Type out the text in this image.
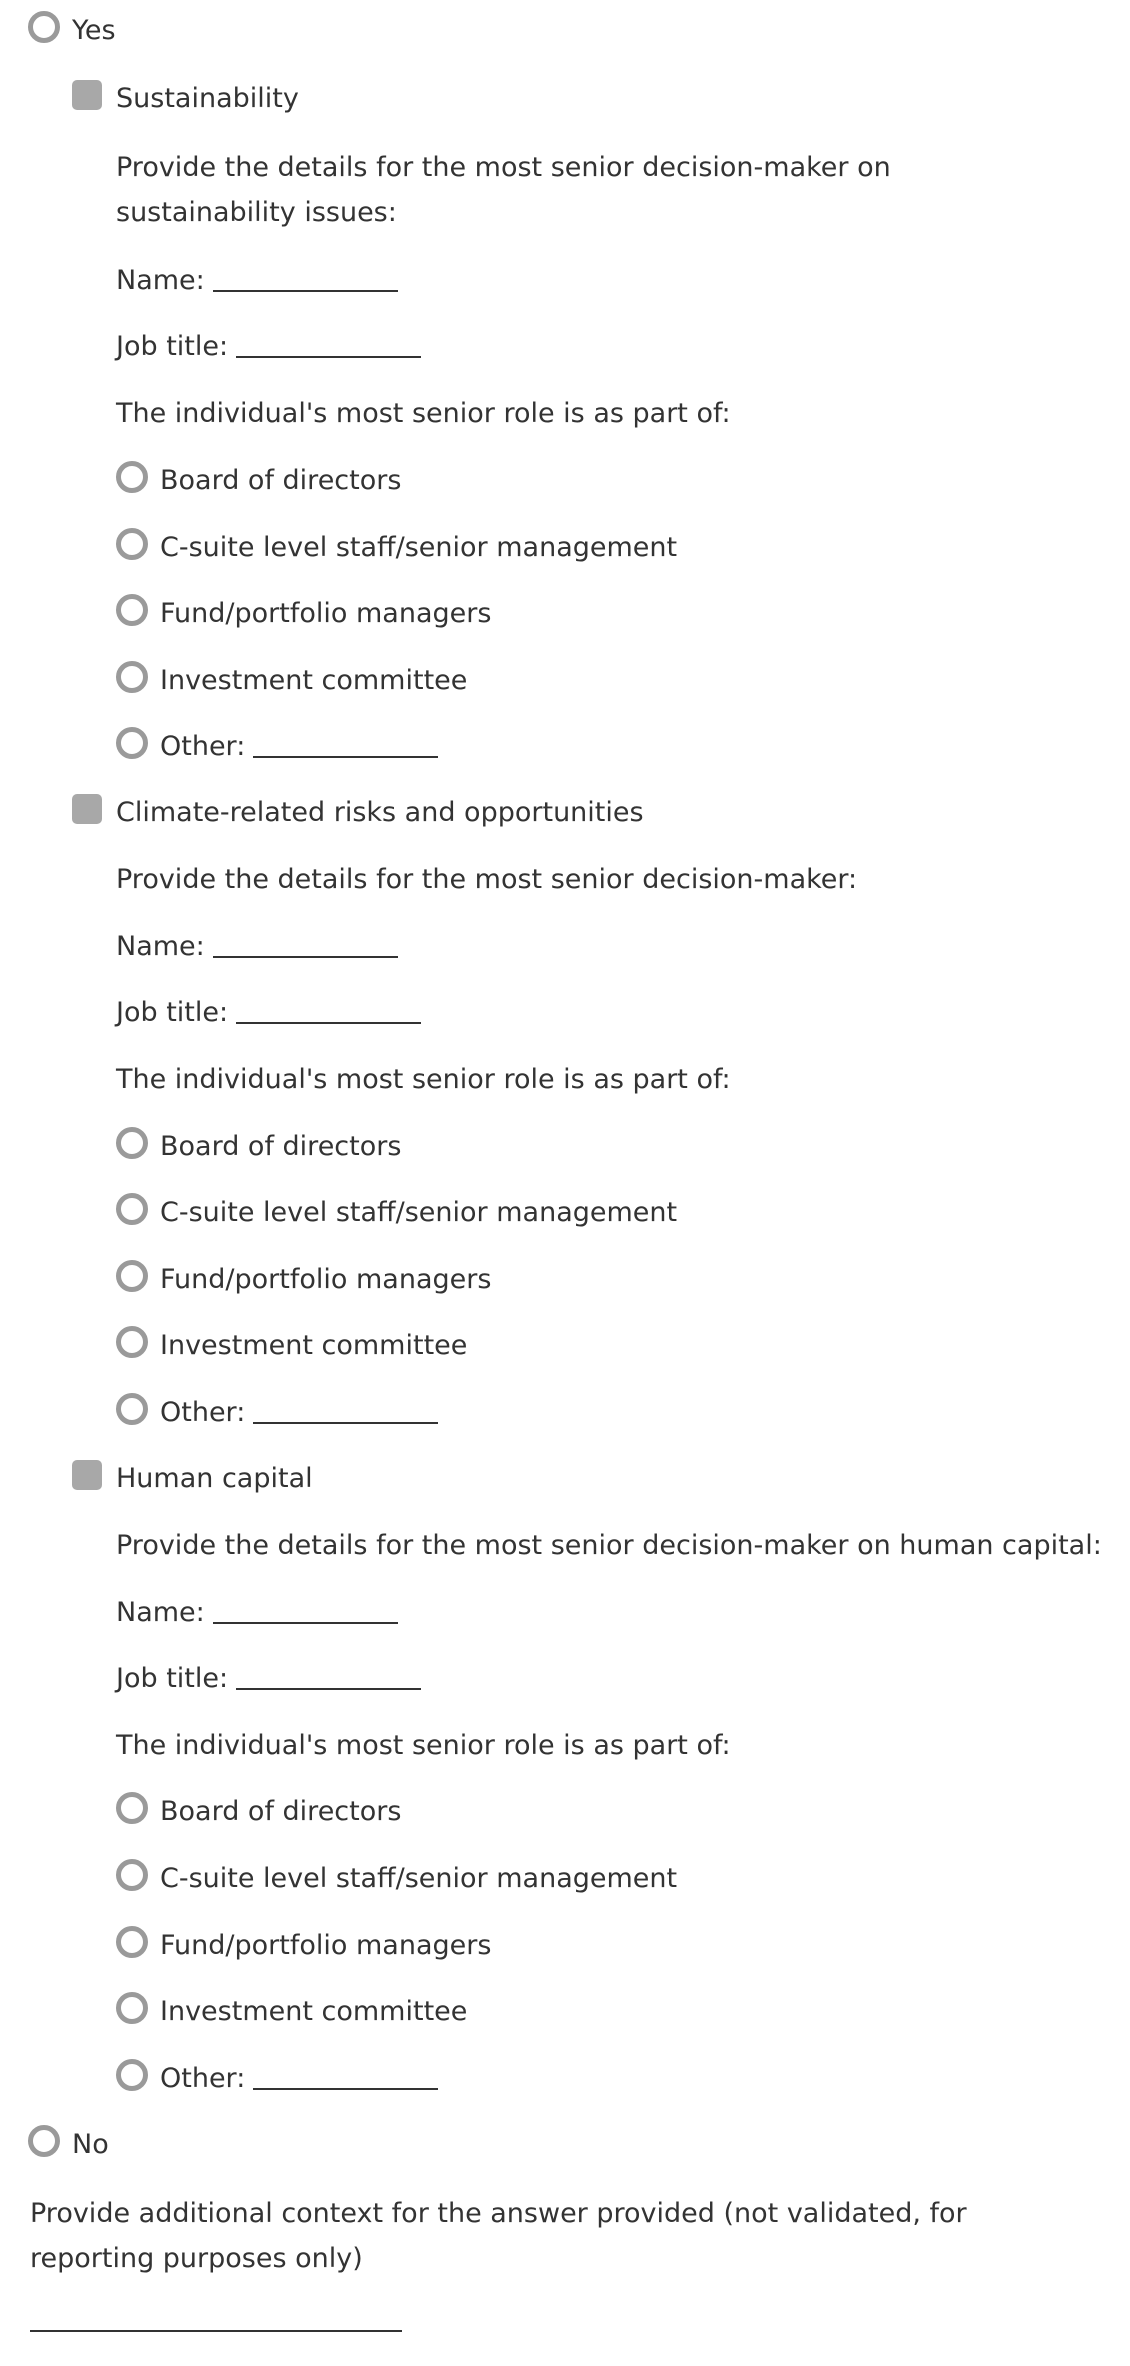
Yes
Sustainability
Provide the details for the most senior decision-maker on sustainability issues:
Name:
Job title:
The individual's most senior role is as part of:
Board of directors
C-suite level staff/senior management
Fund/portfolio managers
Investment committee
Other:
Climate-related risks and opportunities
Provide the details for the most senior decision-maker:
Name:
Job title:
The individual's most senior role is as part of:
Board of directors
C-suite level staff/senior management
Fund/portfolio managers
Investment committee
Other:
Human capital
Provide the details for the most senior decision-maker on human capital:
Name:
Job title:
The individual's most senior role is as part of:
Board of directors
C-suite level staff/senior management
Fund/portfolio managers
Investment committee
Other:
No
Provide additional context for the answer provided (not validated, for reporting purposes only)
